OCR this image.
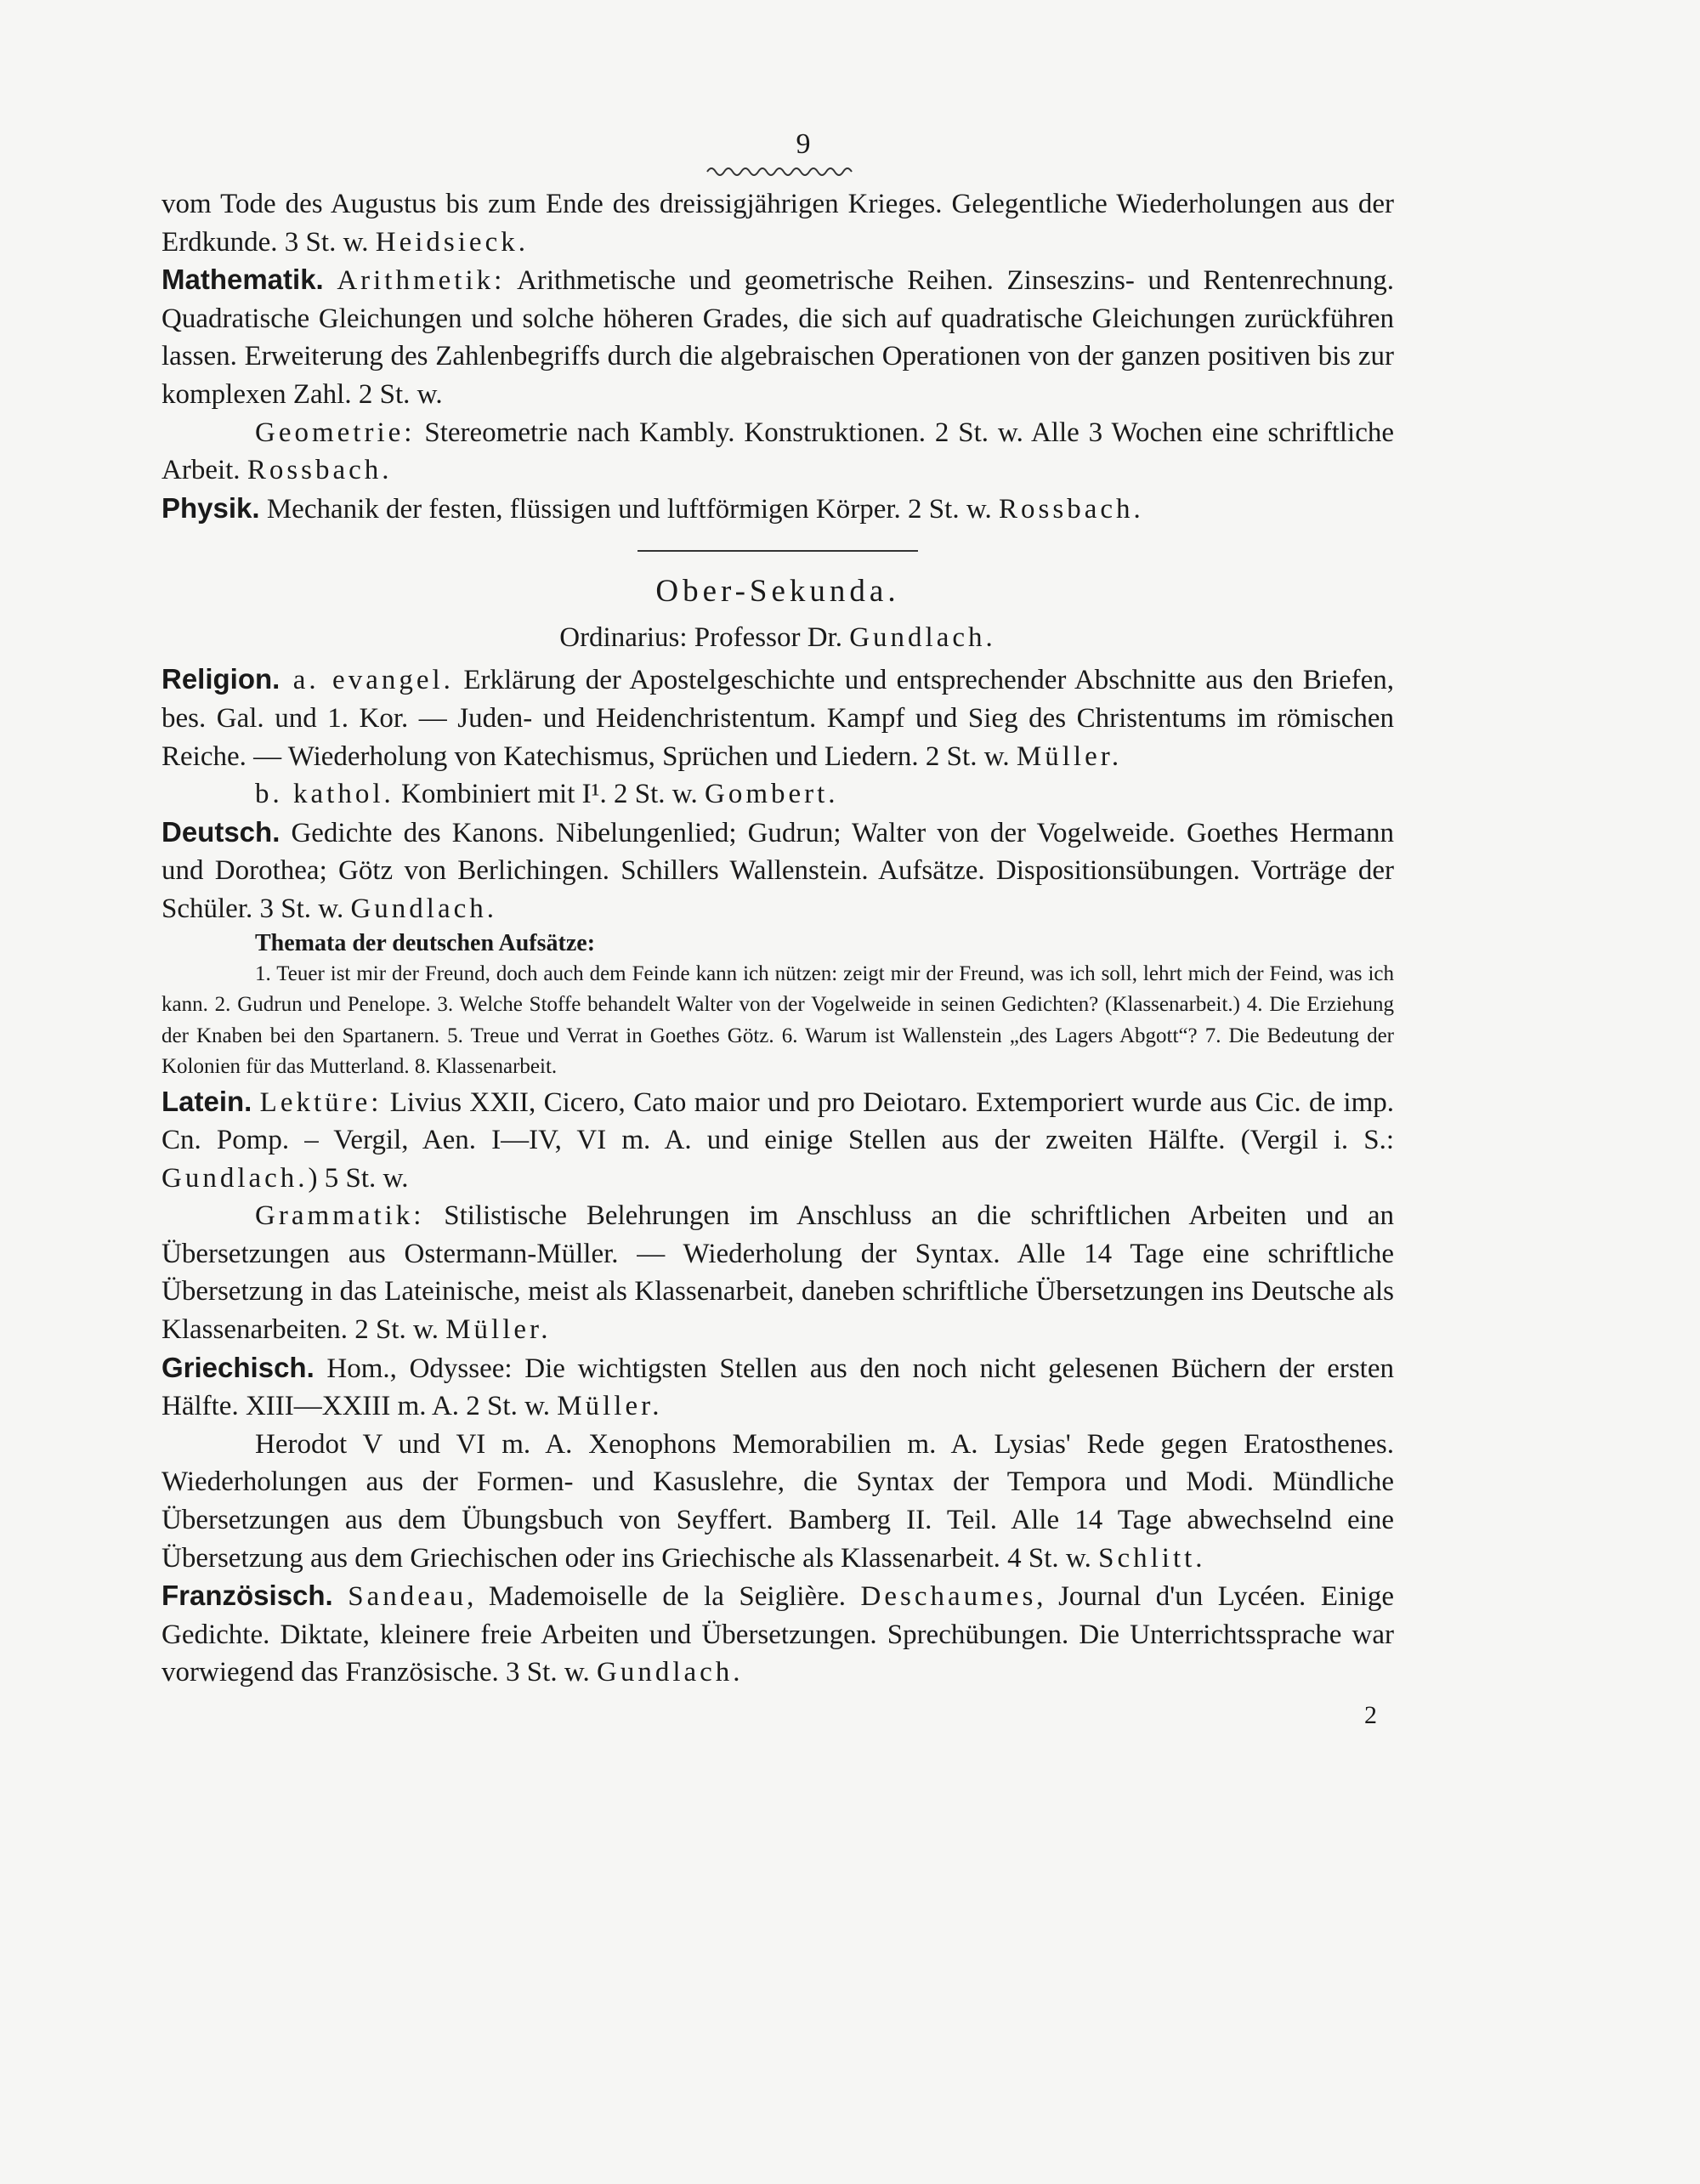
9

vom Tode des Augustus bis zum Ende des dreissigjährigen Krieges. Gelegentliche Wiederholungen aus der Erdkunde. 3 St. w. Heidsieck.

Mathematik. Arithmetik: Arithmetische und geometrische Reihen. Zinseszins- und Rentenrechnung. Quadratische Gleichungen und solche höheren Grades, die sich auf quadratische Gleichungen zurückführen lassen. Erweiterung des Zahlenbegriffs durch die algebraischen Operationen von der ganzen positiven bis zur komplexen Zahl. 2 St. w.

Geometrie: Stereometrie nach Kambly. Konstruktionen. 2 St. w. Alle 3 Wochen eine schriftliche Arbeit. Rossbach.

Physik. Mechanik der festen, flüssigen und luftförmigen Körper. 2 St. w. Rossbach.

Ober-Sekunda.

Ordinarius: Professor Dr. Gundlach.

Religion. a. evangel. Erklärung der Apostelgeschichte und entsprechender Abschnitte aus den Briefen, bes. Gal. und 1. Kor. — Juden- und Heidenchristentum. Kampf und Sieg des Christentums im römischen Reiche. — Wiederholung von Katechismus, Sprüchen und Liedern. 2 St. w. Müller.

b. kathol. Kombiniert mit I¹. 2 St. w. Gombert.

Deutsch. Gedichte des Kanons. Nibelungenlied; Gudrun; Walter von der Vogelweide. Goethes Hermann und Dorothea; Götz von Berlichingen. Schillers Wallenstein. Aufsätze. Dispositionsübungen. Vorträge der Schüler. 3 St. w. Gundlach.

Themata der deutschen Aufsätze:

1. Teuer ist mir der Freund, doch auch dem Feinde kann ich nützen: zeigt mir der Freund, was ich soll, lehrt mich der Feind, was ich kann. 2. Gudrun und Penelope. 3. Welche Stoffe behandelt Walter von der Vogelweide in seinen Gedichten? (Klassenarbeit.) 4. Die Erziehung der Knaben bei den Spartanern. 5. Treue und Verrat in Goethes Götz. 6. Warum ist Wallenstein „des Lagers Abgott“? 7. Die Bedeutung der Kolonien für das Mutterland. 8. Klassenarbeit.

Latein. Lektüre: Livius XXII, Cicero, Cato maior und pro Deiotaro. Extemporiert wurde aus Cic. de imp. Cn. Pomp. – Vergil, Aen. I—IV, VI m. A. und einige Stellen aus der zweiten Hälfte. (Vergil i. S.: Gundlach.) 5 St. w.

Grammatik: Stilistische Belehrungen im Anschluss an die schriftlichen Arbeiten und an Übersetzungen aus Ostermann-Müller. — Wiederholung der Syntax. Alle 14 Tage eine schriftliche Übersetzung in das Lateinische, meist als Klassenarbeit, daneben schriftliche Übersetzungen ins Deutsche als Klassenarbeiten. 2 St. w. Müller.

Griechisch. Hom., Odyssee: Die wichtigsten Stellen aus den noch nicht gelesenen Büchern der ersten Hälfte. XIII—XXIII m. A. 2 St. w. Müller.

Herodot V und VI m. A. Xenophons Memorabilien m. A. Lysias' Rede gegen Eratosthenes. Wiederholungen aus der Formen- und Kasuslehre, die Syntax der Tempora und Modi. Mündliche Übersetzungen aus dem Übungsbuch von Seyffert. Bamberg II. Teil. Alle 14 Tage abwechselnd eine Übersetzung aus dem Griechischen oder ins Griechische als Klassenarbeit. 4 St. w. Schlitt.

Französisch. Sandeau, Mademoiselle de la Seiglière. Deschaumes, Journal d'un Lycéen. Einige Gedichte. Diktate, kleinere freie Arbeiten und Übersetzungen. Sprechübungen. Die Unterrichtssprache war vorwiegend das Französische. 3 St. w. Gundlach.

2
